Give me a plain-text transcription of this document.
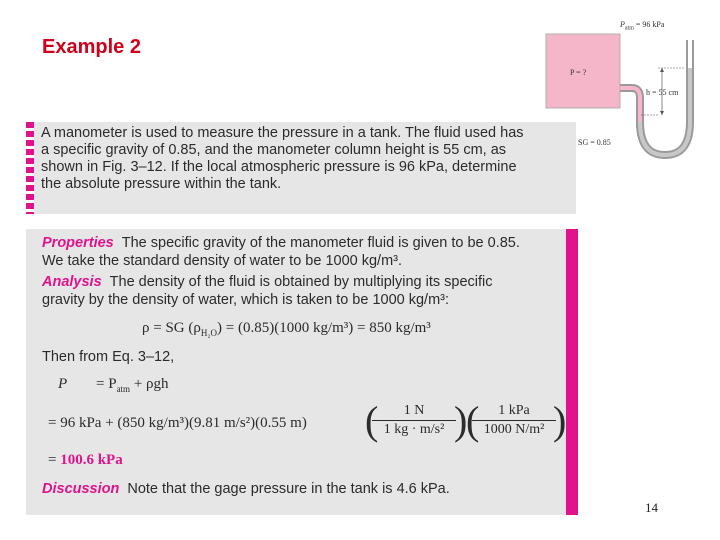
Example 2
$P_{atm} = 96$ kPa
P = ?
h = 55 cm
SG = 0.85
A manometer is used to measure the pressure in a tank. The fluid used has
a specific gravity of 0.85, and the manometer column height is 55 cm, as
shown in Fig. 3–12. If the local atmospheric pressure is 96 kPa, determine
the absolute pressure within the tank.
Properties The specific gravity of the manometer fluid is given to be 0.85.
We take the standard density of water to be 1000 kg/m³.
Analysis The density of the fluid is obtained by multiplying its specific
gravity by the density of water, which is taken to be 1000 kg/m³:
ρ = SG $(\rho_{H_2O}) = (0.85)(1000$ kg/m³) = 850 kg/m³
Then from Eq. 3–12,
$P = P_{atm} + \rho gh$
= 96 kPa + (850 kg/m³)(9.81 m/s²)(0.55 m) (
$\frac{1 N}{\text{1 kg · m/s²}}$
)
(	1 kPa
1000 N/m² )
= 100.6 kPa
Discussion Note that the gage pressure in the tank is 4.6 kPa.
14
